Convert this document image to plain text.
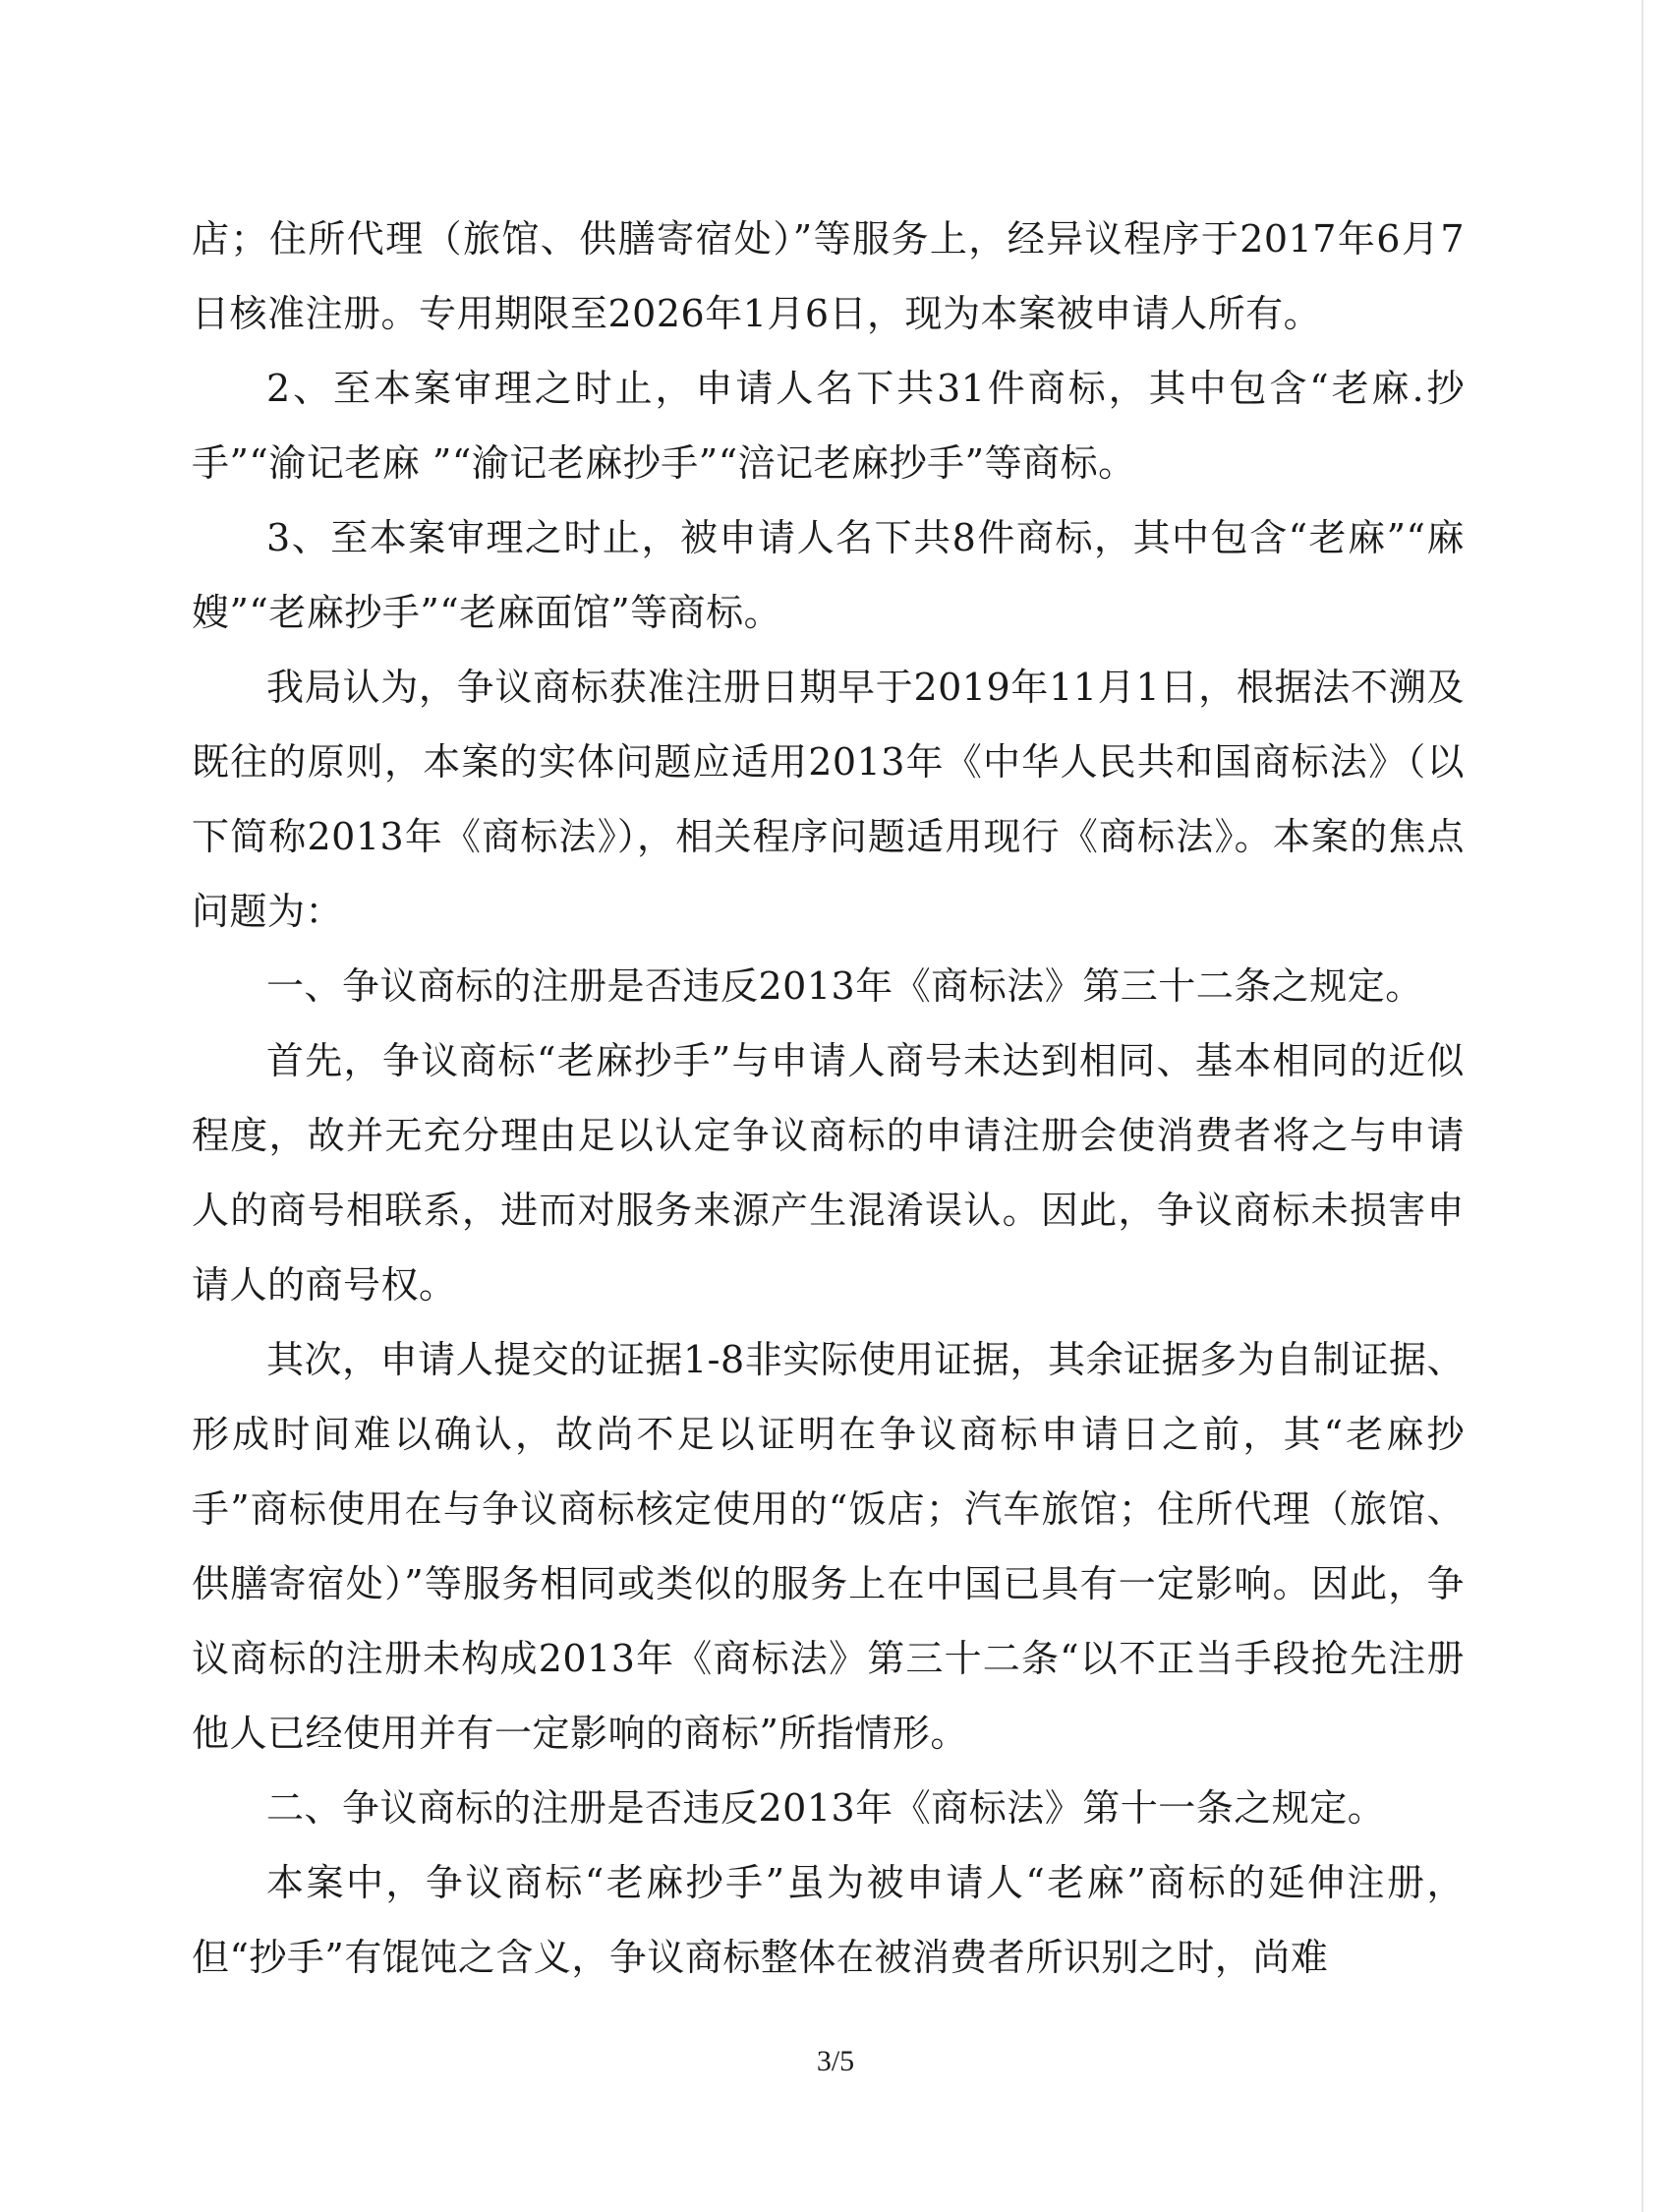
店；住所代理（旅馆、供膳寄宿处）”等服务上，经异议程序于2017年6月7日核准注册。专用期限至2026年1月6日，现为本案被申请人所有。

2、至本案审理之时止，申请人名下共31件商标，其中包含“老麻.抄手”“渝记老麻 ”“渝记老麻抄手”“涪记老麻抄手”等商标。

3、至本案审理之时止，被申请人名下共8件商标，其中包含“老麻”“麻嫂”“老麻抄手”“老麻面馆”等商标。

我局认为，争议商标获准注册日期早于2019年11月1日，根据法不溯及既往的原则，本案的实体问题应适用2013年《中华人民共和国商标法》（以下简称2013年《商标法》），相关程序问题适用现行《商标法》。本案的焦点问题为：

一、争议商标的注册是否违反2013年《商标法》第三十二条之规定。

首先，争议商标“老麻抄手”与申请人商号未达到相同、基本相同的近似程度，故并无充分理由足以认定争议商标的申请注册会使消费者将之与申请人的商号相联系，进而对服务来源产生混淆误认。因此，争议商标未损害申请人的商号权。

其次，申请人提交的证据1-8非实际使用证据，其余证据多为自制证据、形成时间难以确认，故尚不足以证明在争议商标申请日之前，其“老麻抄手”商标使用在与争议商标核定使用的“饭店；汽车旅馆；住所代理（旅馆、供膳寄宿处）”等服务相同或类似的服务上在中国已具有一定影响。因此，争议商标的注册未构成2013年《商标法》第三十二条“以不正当手段抢先注册他人已经使用并有一定影响的商标”所指情形。

二、争议商标的注册是否违反2013年《商标法》第十一条之规定。

本案中，争议商标“老麻抄手”虽为被申请人“老麻”商标的延伸注册，但“抄手”有馄饨之含义，争议商标整体在被消费者所识别之时，尚难

3/5
